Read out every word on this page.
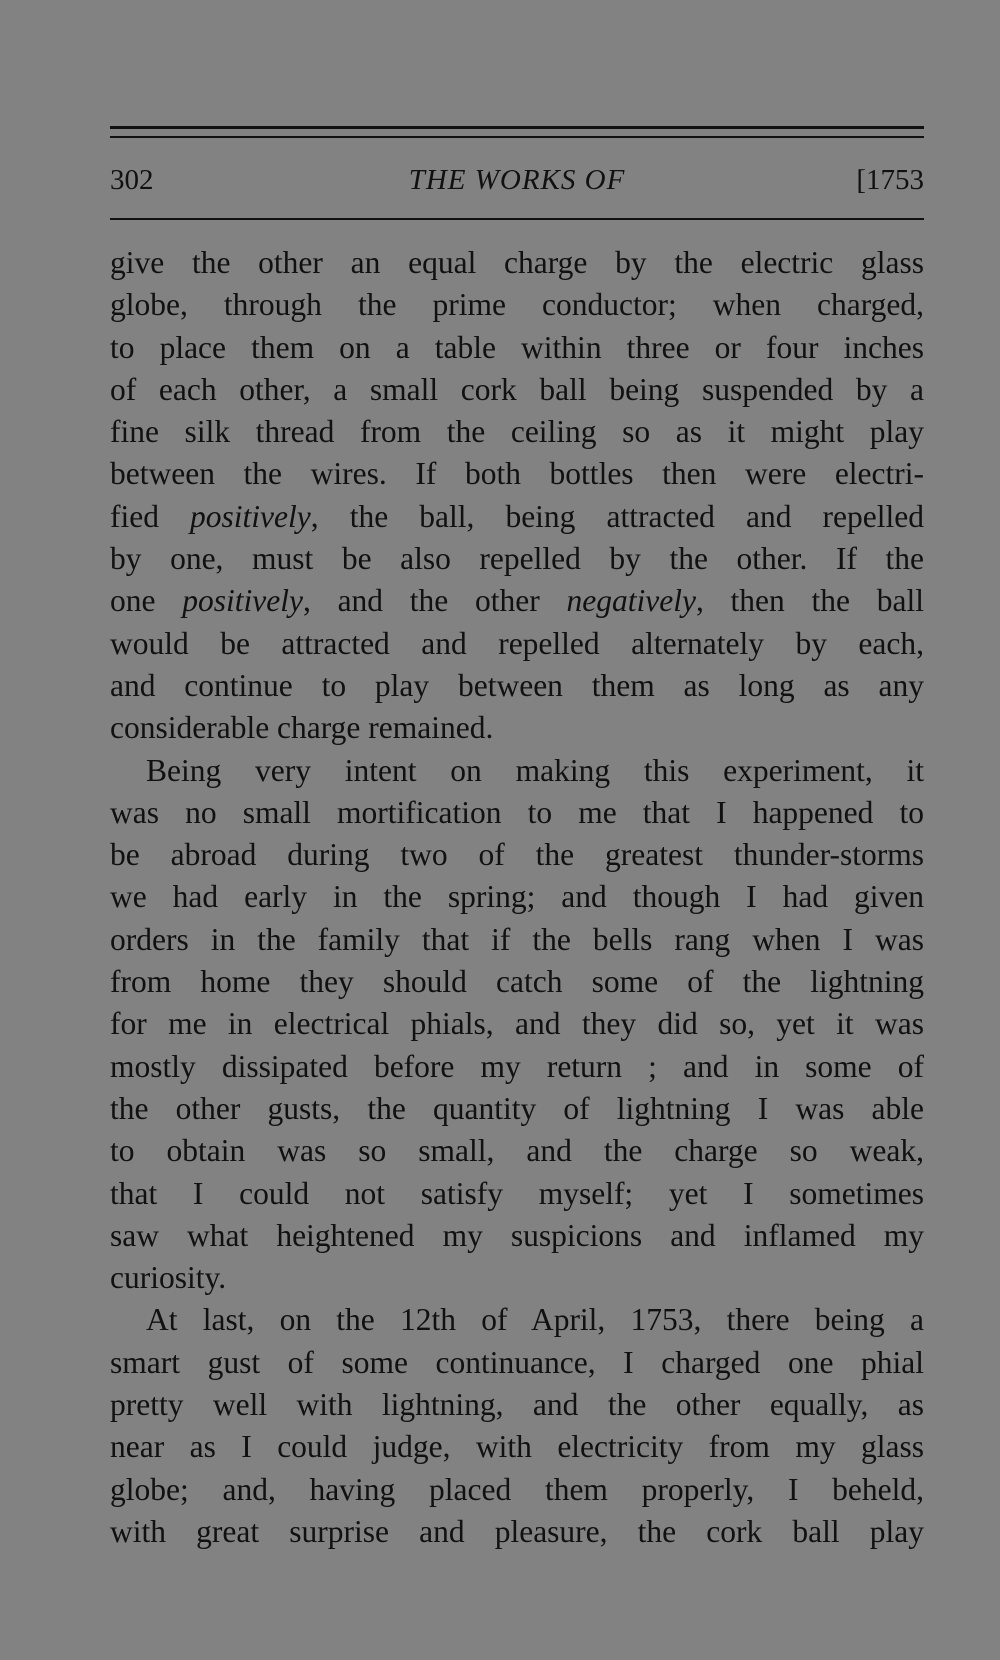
302	THE WORKS OF	[1753
give the other an equal charge by the electric glass
globe, through the prime conductor; when charged,
to place them on a table within three or four inches
of each other, a small cork ball being suspended by a
fine silk thread from the ceiling so as it might play
between the wires. If both bottles then were electri-
fied positively, the ball, being attracted and repelled
by one, must be also repelled by the other. If the
one positively, and the other negatively, then the ball
would be attracted and repelled alternately by each,
and continue to play between them as long as any
considerable charge remained.
Being very intent on making this experiment, it
was no small mortification to me that I happened to
be abroad during two of the greatest thunder-storms
we had early in the spring; and though I had given
orders in the family that if the bells rang when I was
from home they should catch some of the lightning
for me in electrical phials, and they did so, yet it was
mostly dissipated before my return ; and in some of
the other gusts, the quantity of lightning I was able
to obtain was so small, and the charge so weak,
that I could not satisfy myself; yet I sometimes
saw what heightened my suspicions and inflamed my
curiosity.
At last, on the 12th of April, 1753, there being a
smart gust of some continuance, I charged one phial
pretty well with lightning, and the other equally, as
near as I could judge, with electricity from my glass
globe; and, having placed them properly, I beheld,
with great surprise and pleasure, the cork ball play
